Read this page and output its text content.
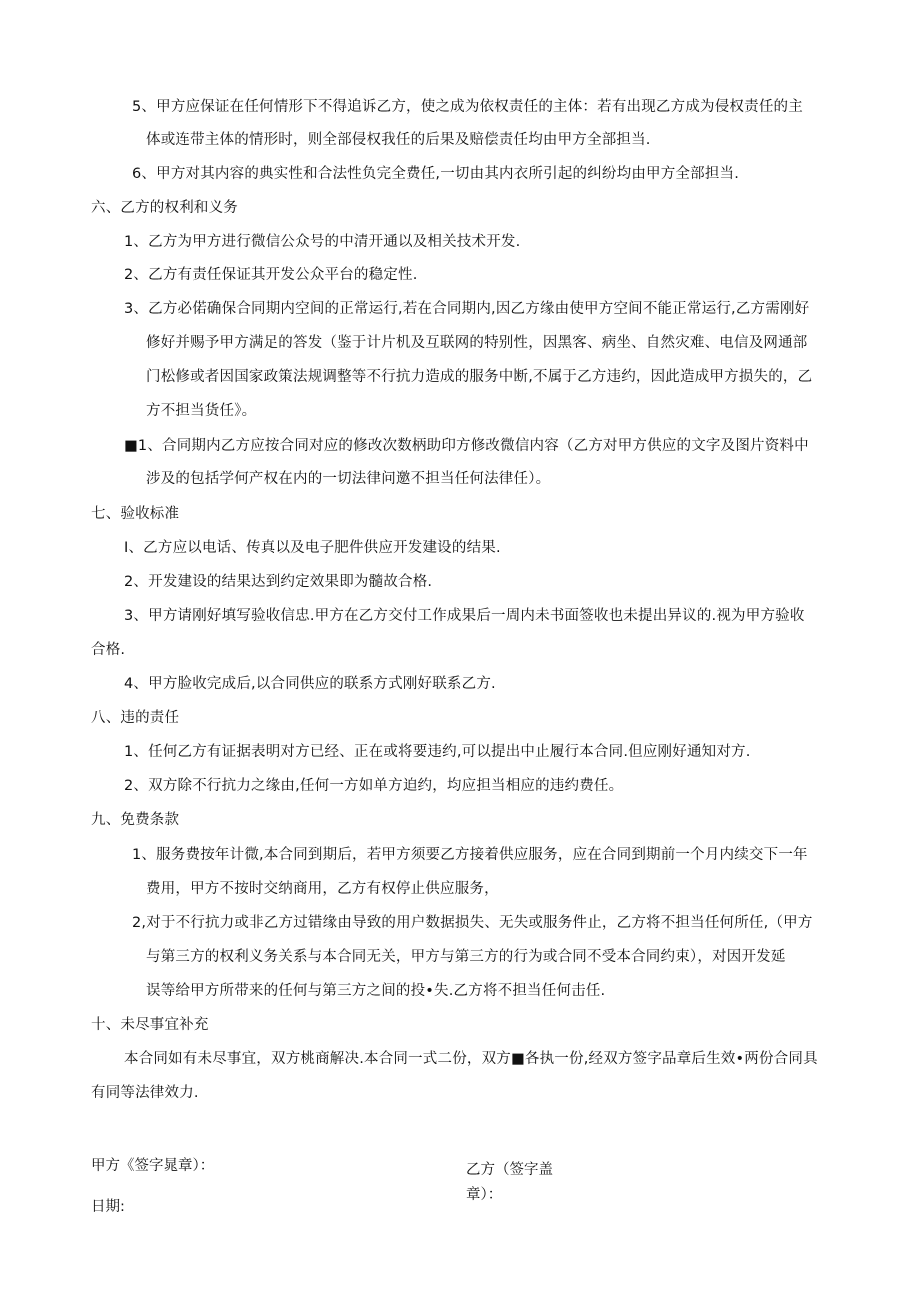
5、甲方应保证在任何情形下不得追诉乙方，使之成为依权责任的主体：若有出现乙方成为侵权责任的主
体或连带主体的情形时，则全部侵权我任的后果及赔偿责任均由甲方全部担当.
6、甲方对其内容的典实性和合法性负完全费任,一切由其内衣所引起的纠纷均由甲方全部担当.
六、乙方的权利和义务
1、乙方为甲方进行微信公众号的中清开通以及相关技术开发.
2、乙方有责任保证其开发公众平台的稳定性.
3、乙方必偌确保合同期内空间的正常运行,若在合同期内,因乙方缘由使甲方空间不能正常运行,乙方需刚好
修好并赐予甲方满足的答发（鉴于计片机及互联网的特别性，因黑客、病坐、自然灾难、电信及网通部
门松修或者因国家政策法规调整等不行抗力造成的服务中断,不属于乙方违约，因此造成甲方损失的，乙
方不担当货任》。
■1、合同期内乙方应按合同对应的修改次数柄助印方修改微信内容（乙方对甲方供应的文字及图片资料中
涉及的包括学何产权在内的一切法律问邀不担当任何法律任）。
七、验收标准
I、乙方应以电话、传真以及电子肥件供应开发建设的结果.
2、开发建设的结果达到约定效果即为髓故合格.
3、甲方请刚好填写验收信忠.甲方在乙方交付工作成果后一周内未书面签收也未提出异议的.视为甲方验收
合格.
4、甲方脸收完成后,以合同供应的联系方式刚好联系乙方.
八、违的责任
1、任何乙方有证据表明对方已经、正在或将要违约,可以提出中止履行本合同.但应刚好通知对方.
2、双方除不行抗力之缘由,任何一方如单方迫约，均应担当相应的违约费任。
九、免费条款
1、服务费按年计微,本合同到期后，若甲方须要乙方接着供应服务，应在合同到期前一个月内续交下一年
费用，甲方不按时交纳商用，乙方有权停止供应服务，
2,对于不行抗力或非乙方过错缘由导致的用户数据损失、无失或服务件止，乙方将不担当任何所任,（甲方
与第三方的权利义务关系与本合同无关，甲方与第三方的行为或合同不受本合同约束），对因开发延
误等给甲方所带来的任何与第三方之间的投•失.乙方将不担当任何击任.
十、未尽事宜补充
本合同如有未尽事宜，双方桃商解决.本合同一式二份，双方■各执一份,经双方签字品章后生效•两份合同具
有同等法律效力.
甲方《签字晁章）：
日期:
乙方（签字盖
章）：
